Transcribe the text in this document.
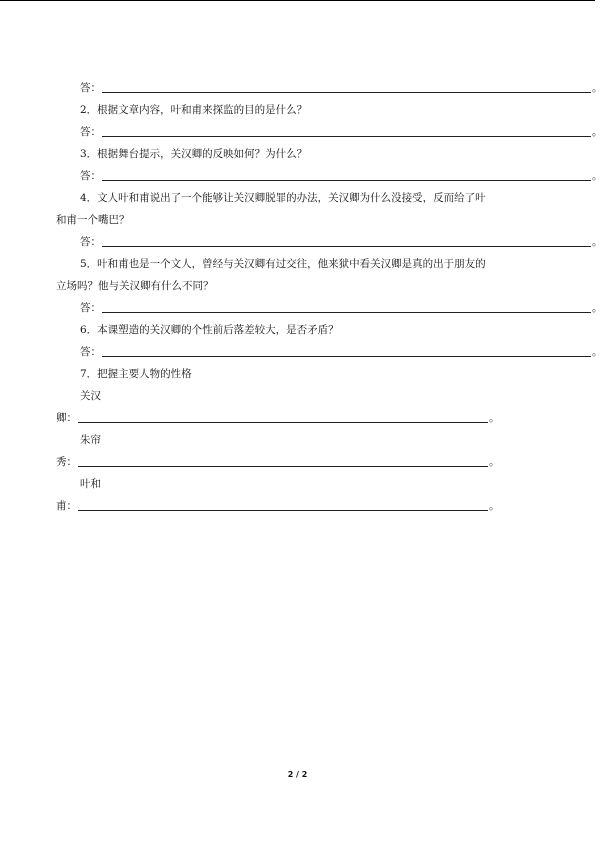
答：	。
2．根据文章内容，叶和甫来探监的目的是什么？
答：	。
3．根据舞台提示，关汉卿的反映如何？为什么？
答：	。
4．文人叶和甫说出了一个能够让关汉卿脱罪的办法，关汉卿为什么没接受，反而给了叶
和甫一个嘴巴？
答：	。
5．叶和甫也是一个文人，曾经与关汉卿有过交往，他来狱中看关汉卿是真的出于朋友的
立场吗？他与关汉卿有什么不同？
答：	。
6．本课塑造的关汉卿的个性前后落差较大，是否矛盾？
答：	。
7．把握主要人物的性格
关汉
卿：	。
朱帘
秀：	。
叶和
甫：	。
2 / 2
